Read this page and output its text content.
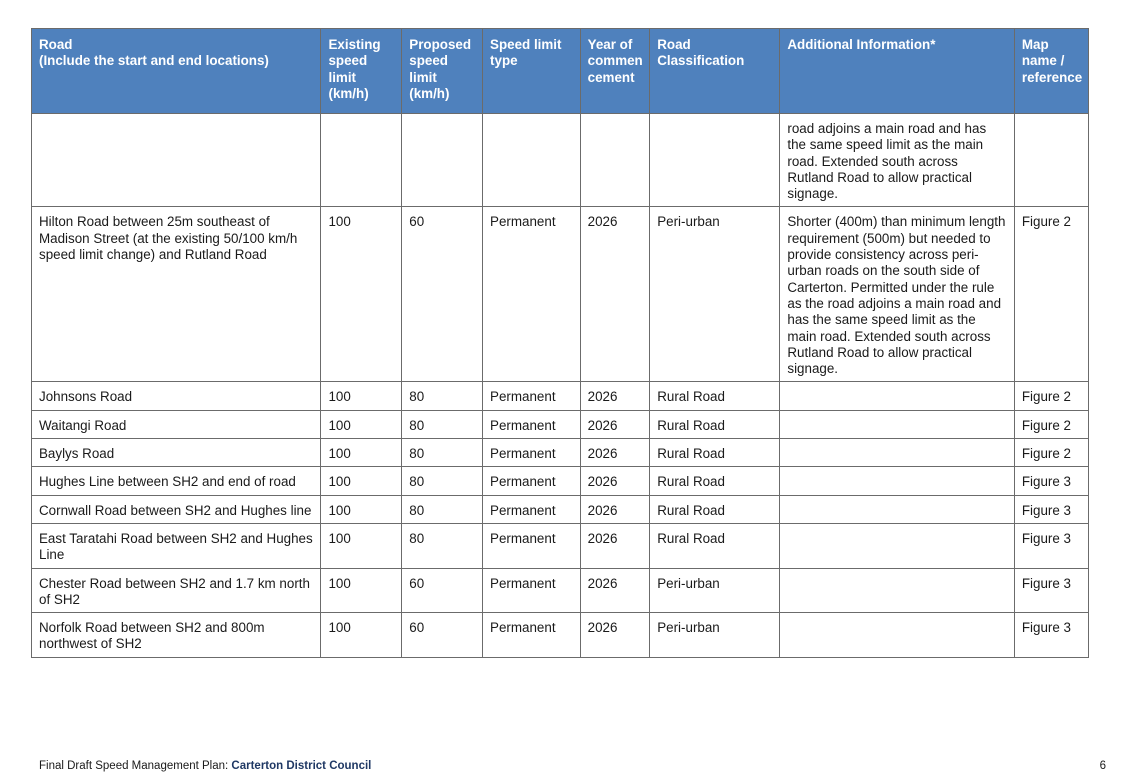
Road
(Include the start and end locations)	Existing speed limit (km/h)	Proposed speed limit (km/h)	Speed limit type	Year of commen cement	Road Classification	Additional Information*	Map name / reference
						road adjoins a main road and has the same speed limit as the main road. Extended south across Rutland Road to allow practical signage.	
Hilton Road between 25m southeast of Madison Street (at the existing 50/100 km/h speed limit change) and Rutland Road	100	60	Permanent	2026	Peri-urban	Shorter (400m) than minimum length requirement (500m) but needed to provide consistency across peri-urban roads on the south side of Carterton. Permitted under the rule as the road adjoins a main road and has the same speed limit as the main road. Extended south across Rutland Road to allow practical signage.	Figure 2
Johnsons Road	100	80	Permanent	2026	Rural Road		Figure 2
Waitangi Road	100	80	Permanent	2026	Rural Road		Figure 2
Baylys Road	100	80	Permanent	2026	Rural Road		Figure 2
Hughes Line between SH2 and end of road	100	80	Permanent	2026	Rural Road		Figure 3
Cornwall Road between SH2 and Hughes line	100	80	Permanent	2026	Rural Road		Figure 3
East Taratahi Road between SH2 and Hughes Line	100	80	Permanent	2026	Rural Road		Figure 3
Chester Road between SH2 and 1.7 km north of SH2	100	60	Permanent	2026	Peri-urban		Figure 3
Norfolk Road between SH2 and 800m northwest of SH2	100	60	Permanent	2026	Peri-urban		Figure 3
Final Draft Speed Management Plan: Carterton District Council	6
